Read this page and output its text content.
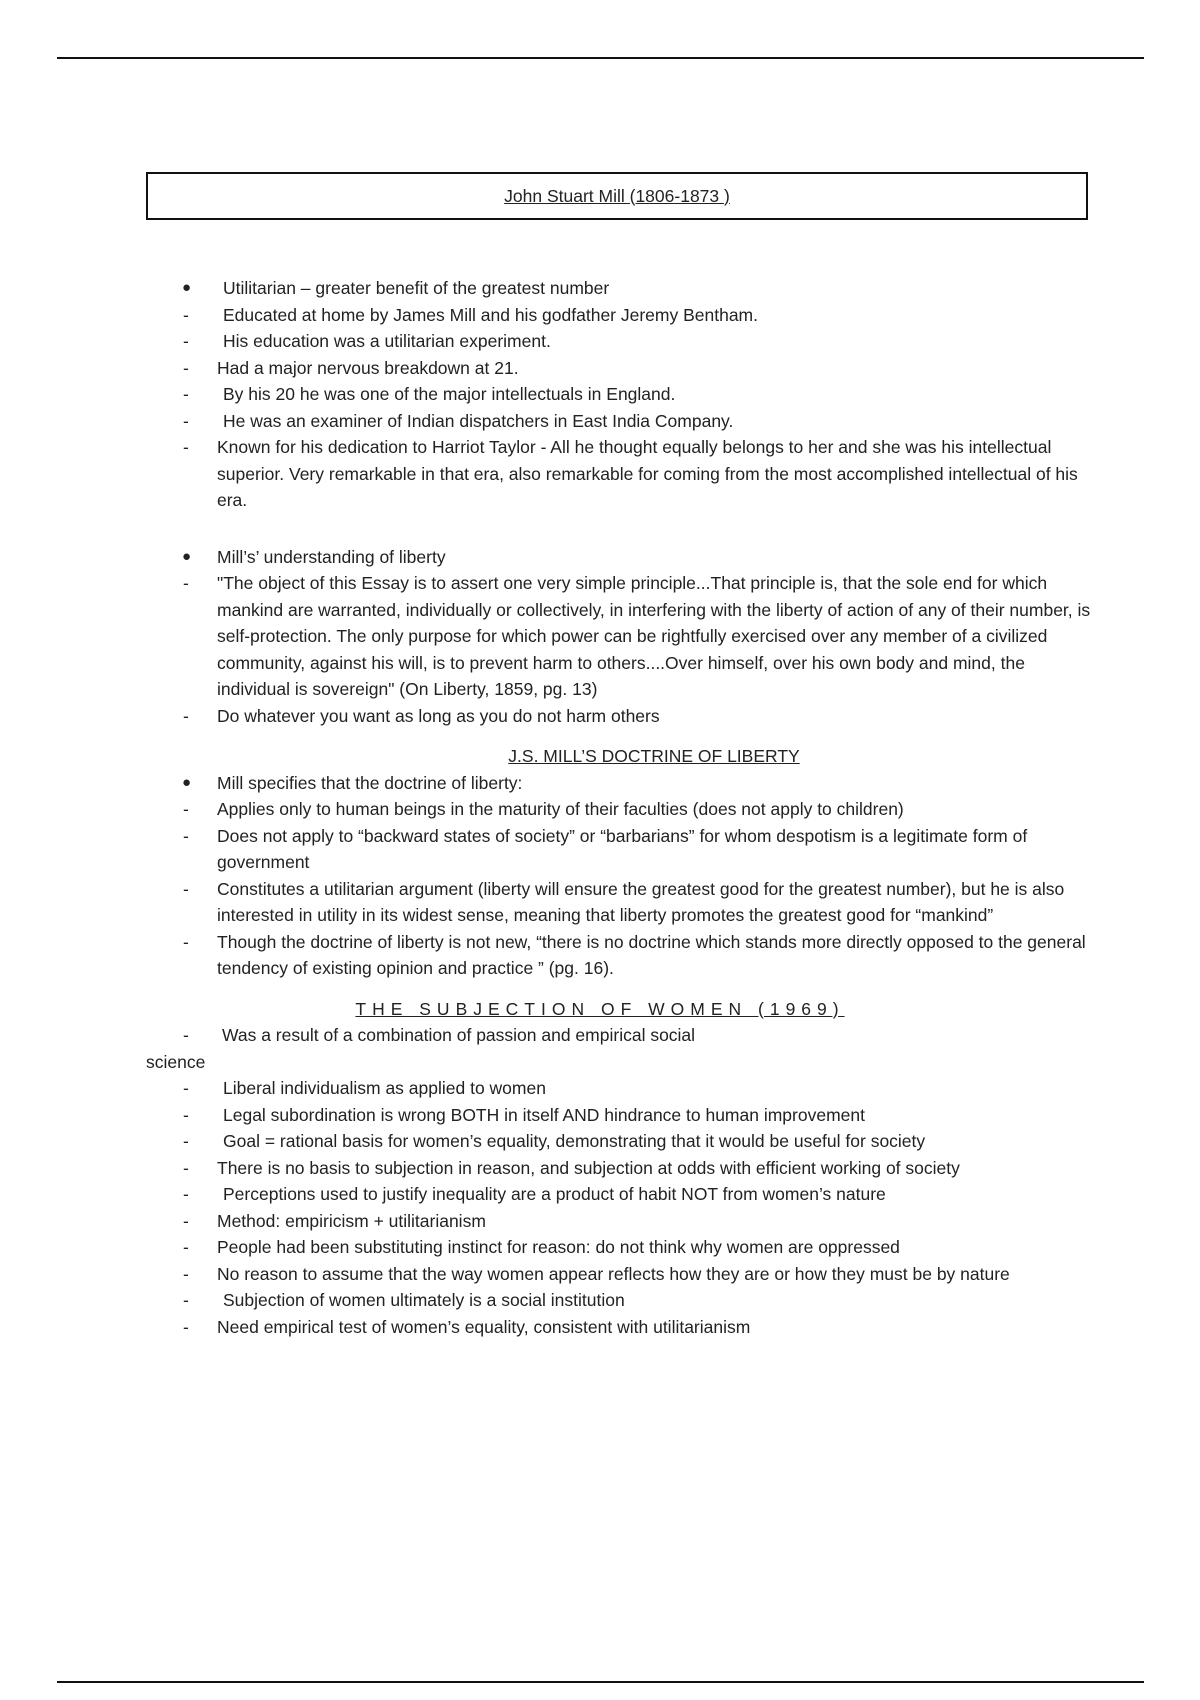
John Stuart Mill (1806-1873 )
● Utilitarian – greater benefit of the greatest number
- Educated at home by James Mill and his godfather Jeremy Bentham.
- His education was a utilitarian experiment.
- Had a major nervous breakdown at 21.
- By his 20 he was one of the major intellectuals in England.
- He was an examiner of Indian dispatchers in East India Company.
- Known for his dedication to Harriot Taylor - All he thought equally belongs to her and she was his intellectual superior. Very remarkable in that era, also remarkable for coming from the most accomplished intellectual of his era.
● Mill’s’ understanding of liberty
- "The object of this Essay is to assert one very simple principle...That principle is, that the sole end for which mankind are warranted, individually or collectively, in interfering with the liberty of action of any of their number, is self-protection. The only purpose for which power can be rightfully exercised over any member of a civilized community, against his will, is to prevent harm to others....Over himself, over his own body and mind, the individual is sovereign" (On Liberty, 1859, pg. 13)
- Do whatever you want as long as you do not harm others
J.S. MILL’S DOCTRINE OF LIBERTY
● Mill specifies that the doctrine of liberty:
- Applies only to human beings in the maturity of their faculties (does not apply to children)
- Does not apply to “backward states of society” or “barbarians” for whom despotism is a legitimate form of government
- Constitutes a utilitarian argument (liberty will ensure the greatest good for the greatest number), but he is also interested in utility in its widest sense, meaning that liberty promotes the greatest good for “mankind”
- Though the doctrine of liberty is not new, “there is no doctrine which stands more directly opposed to the general tendency of existing opinion and practice ” (pg. 16).
THE SUBJECTION OF WOMEN (1969)
- Was a result of a combination of passion and empirical social
science
- Liberal individualism as applied to women
- Legal subordination is wrong BOTH in itself AND hindrance to human improvement
- Goal = rational basis for women’s equality, demonstrating that it would be useful for society
- There is no basis to subjection in reason, and subjection at odds with efficient working of society
- Perceptions used to justify inequality are a product of habit NOT from women’s nature
- Method: empiricism + utilitarianism
- People had been substituting instinct for reason: do not think why women are oppressed
- No reason to assume that the way women appear reflects how they are or how they must be by nature
- Subjection of women ultimately is a social institution
- Need empirical test of women’s equality, consistent with utilitarianism
